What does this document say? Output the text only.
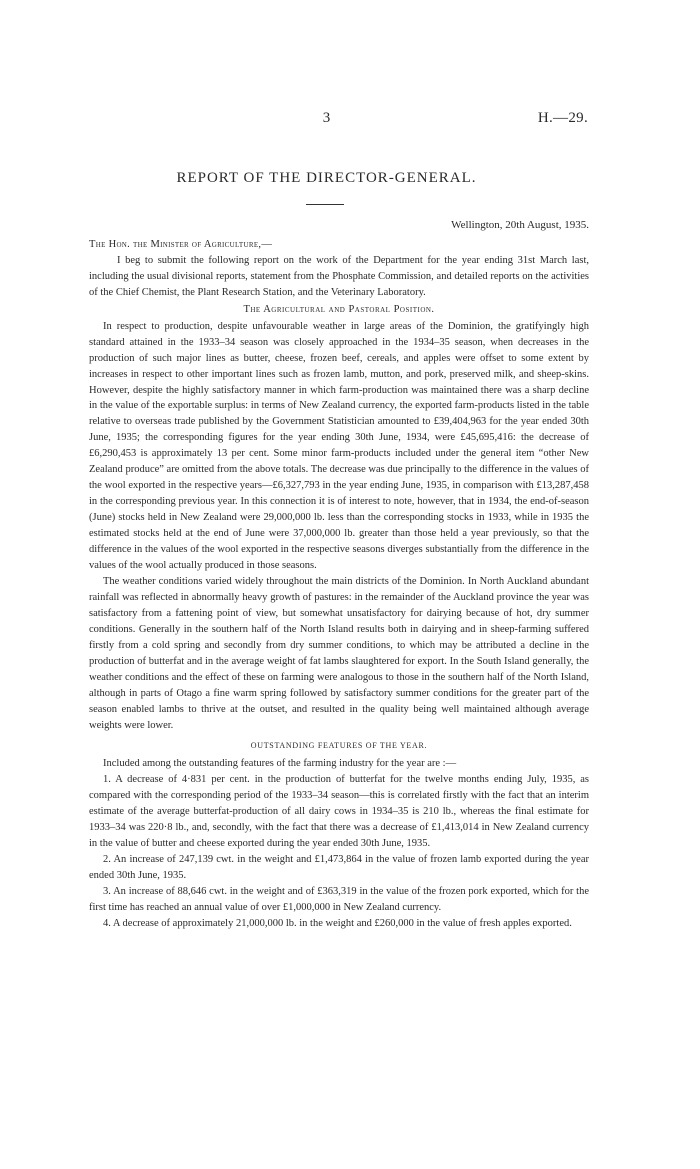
3	H.—29.
REPORT OF THE DIRECTOR-GENERAL.
Wellington, 20th August, 1935.
The Hon. the Minister of Agriculture,—

I beg to submit the following report on the work of the Department for the year ending 31st March last, including the usual divisional reports, statement from the Phosphate Commission, and detailed reports on the activities of the Chief Chemist, the Plant Research Station, and the Veterinary Laboratory.

The Agricultural and Pastoral Position.

In respect to production, despite unfavourable weather in large areas of the Dominion, the gratifyingly high standard attained in the 1933–34 season was closely approached in the 1934–35 season, when decreases in the production of such major lines as butter, cheese, frozen beef, cereals, and apples were offset to some extent by increases in respect to other important lines such as frozen lamb, mutton, and pork, preserved milk, and sheep-skins. However, despite the highly satisfactory manner in which farm-production was maintained there was a sharp decline in the value of the exportable surplus: in terms of New Zealand currency, the exported farm-products listed in the table relative to overseas trade published by the Government Statistician amounted to £39,404,963 for the year ended 30th June, 1935; the corresponding figures for the year ending 30th June, 1934, were £45,695,416: the decrease of £6,290,453 is approximately 13 per cent. Some minor farm-products included under the general item “other New Zealand produce” are omitted from the above totals. The decrease was due principally to the difference in the values of the wool exported in the respective years—£6,327,793 in the year ending June, 1935, in comparison with £13,287,458 in the corresponding previous year. In this connection it is of interest to note, however, that in 1934, the end-of-season (June) stocks held in New Zealand were 29,000,000 lb. less than the corresponding stocks in 1933, while in 1935 the estimated stocks held at the end of June were 37,000,000 lb. greater than those held a year previously, so that the difference in the values of the wool exported in the respective seasons diverges substantially from the difference in the values of the wool actually produced in those seasons.

The weather conditions varied widely throughout the main districts of the Dominion. In North Auckland abundant rainfall was reflected in abnormally heavy growth of pastures: in the remainder of the Auckland province the year was satisfactory from a fattening point of view, but somewhat unsatisfactory for dairying because of hot, dry summer conditions. Generally in the southern half of the North Island results both in dairying and in sheep-farming suffered firstly from a cold spring and secondly from dry summer conditions, to which may be attributed a decline in the production of butterfat and in the average weight of fat lambs slaughtered for export. In the South Island generally, the weather conditions and the effect of these on farming were analogous to those in the southern half of the North Island, although in parts of Otago a fine warm spring followed by satisfactory summer conditions for the greater part of the season enabled lambs to thrive at the outset, and resulted in the quality being well maintained although average weights were lower.

OUTSTANDING FEATURES OF THE YEAR.

Included among the outstanding features of the farming industry for the year are :—

1. A decrease of 4·831 per cent. in the production of butterfat for the twelve months ending July, 1935, as compared with the corresponding period of the 1933–34 season—this is correlated firstly with the fact that an interim estimate of the average butterfat-production of all dairy cows in 1934–35 is 210 lb., whereas the final estimate for 1933–34 was 220·8 lb., and, secondly, with the fact that there was a decrease of £1,413,014 in New Zealand currency in the value of butter and cheese exported during the year ended 30th June, 1935.

2. An increase of 247,139 cwt. in the weight and £1,473,864 in the value of frozen lamb exported during the year ended 30th June, 1935.

3. An increase of 88,646 cwt. in the weight and of £363,319 in the value of the frozen pork exported, which for the first time has reached an annual value of over £1,000,000 in New Zealand currency.

4. A decrease of approximately 21,000,000 lb. in the weight and £260,000 in the value of fresh apples exported.
